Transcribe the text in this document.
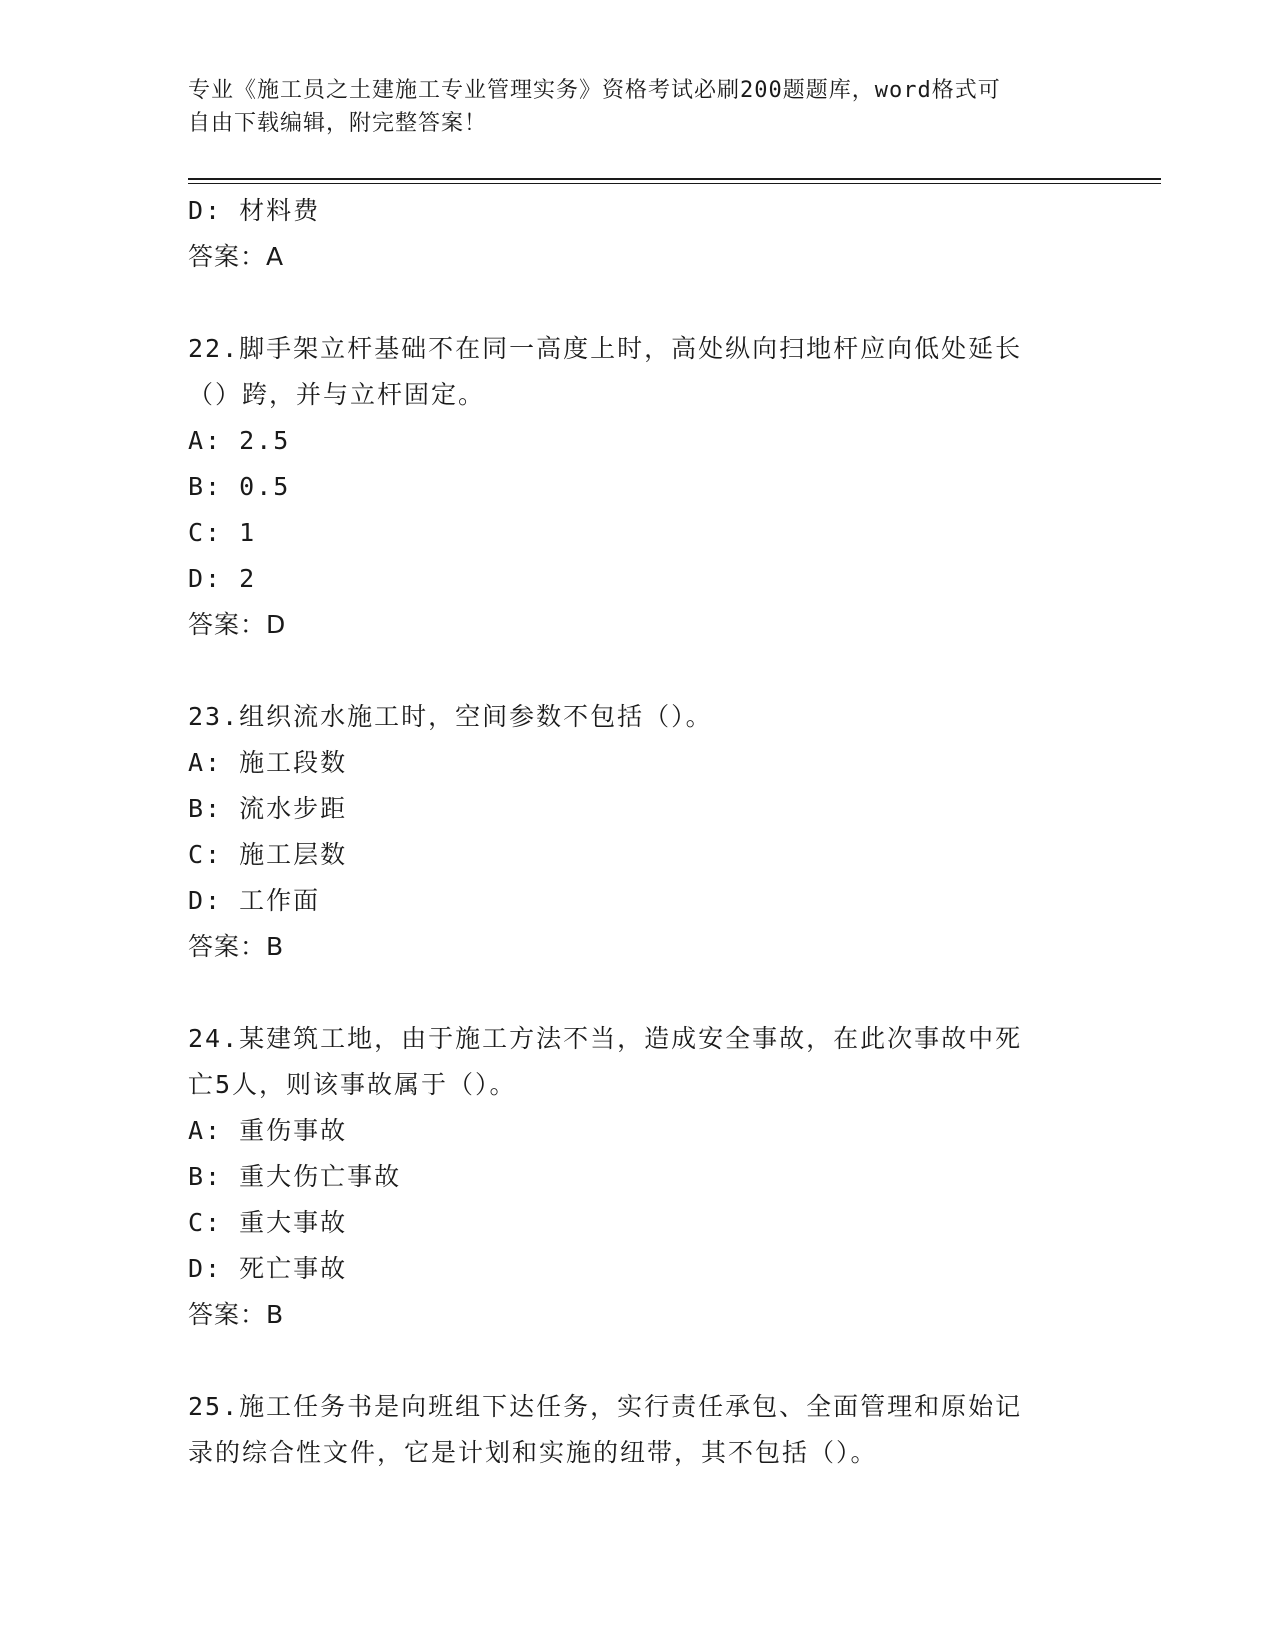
专业《施工员之土建施工专业管理实务》资格考试必刷200题题库，word格式可
自由下载编辑，附完整答案！
D: 材料费
答案：A
22.脚手架立杆基础不在同一高度上时，高处纵向扫地杆应向低处延长
（）跨，并与立杆固定。
A: 2.5
B: 0.5
C: 1
D: 2
答案：D
23.组织流水施工时，空间参数不包括（）。
A: 施工段数
B: 流水步距
C: 施工层数
D: 工作面
答案：B
24.某建筑工地，由于施工方法不当，造成安全事故，在此次事故中死
亡5人，则该事故属于（）。
A: 重伤事故
B: 重大伤亡事故
C: 重大事故
D: 死亡事故
答案：B
25.施工任务书是向班组下达任务，实行责任承包、全面管理和原始记
录的综合性文件，它是计划和实施的纽带，其不包括（）。
